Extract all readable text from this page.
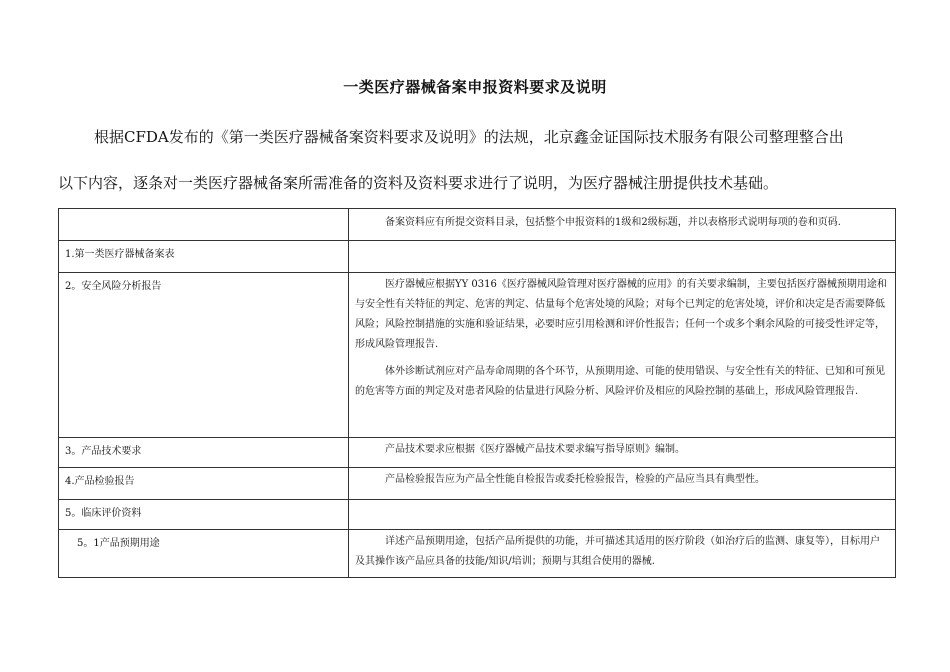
一类医疗器械备案申报资料要求及说明
根据CFDA发布的《第一类医疗器械备案资料要求及说明》的法规，北京鑫金证国际技术服务有限公司整理整合出
以下内容，逐条对一类医疗器械备案所需准备的资料及资料要求进行了说明，为医疗器械注册提供技术基础。

	备案资料应有所提交资料目录，包括整个申报资料的1级和2级标题，并以表格形式说明每项的卷和页码.

1.第一类医疗器械备案表	

2。安全风险分析报告	医疗器械应根据YY 0316《医疗器械风险管理对医疗器械的应用》的有关要求编制，主要包括医疗器械预期用途和与安全性有关特征的判定、危害的判定、估量每个危害处境的风险；对每个已判定的危害处境，评价和决定是否需要降低风险；风险控制措施的实施和验证结果，必要时应引用检测和评价性报告；任何一个或多个剩余风险的可接受性评定等，形成风险管理报告.

体外诊断试剂应对产品寿命周期的各个环节，从预期用途、可能的使用错误、与安全性有关的特征、已知和可预见的危害等方面的判定及对患者风险的估量进行风险分析、风险评价及相应的风险控制的基础上，形成风险管理报告.

3。产品技术要求	产品技术要求应根据《医疗器械产品技术要求编写指导原则》编制。

4.产品检验报告	产品检验报告应为产品全性能自检报告或委托检验报告，检验的产品应当具有典型性。

5。临床评价资料	

5。1产品预期用途	详述产品预期用途，包括产品所提供的功能，并可描述其适用的医疗阶段（如治疗后的监测、康复等），目标用户及其操作该产品应具备的技能/知识/培训；预期与其组合使用的器械.
